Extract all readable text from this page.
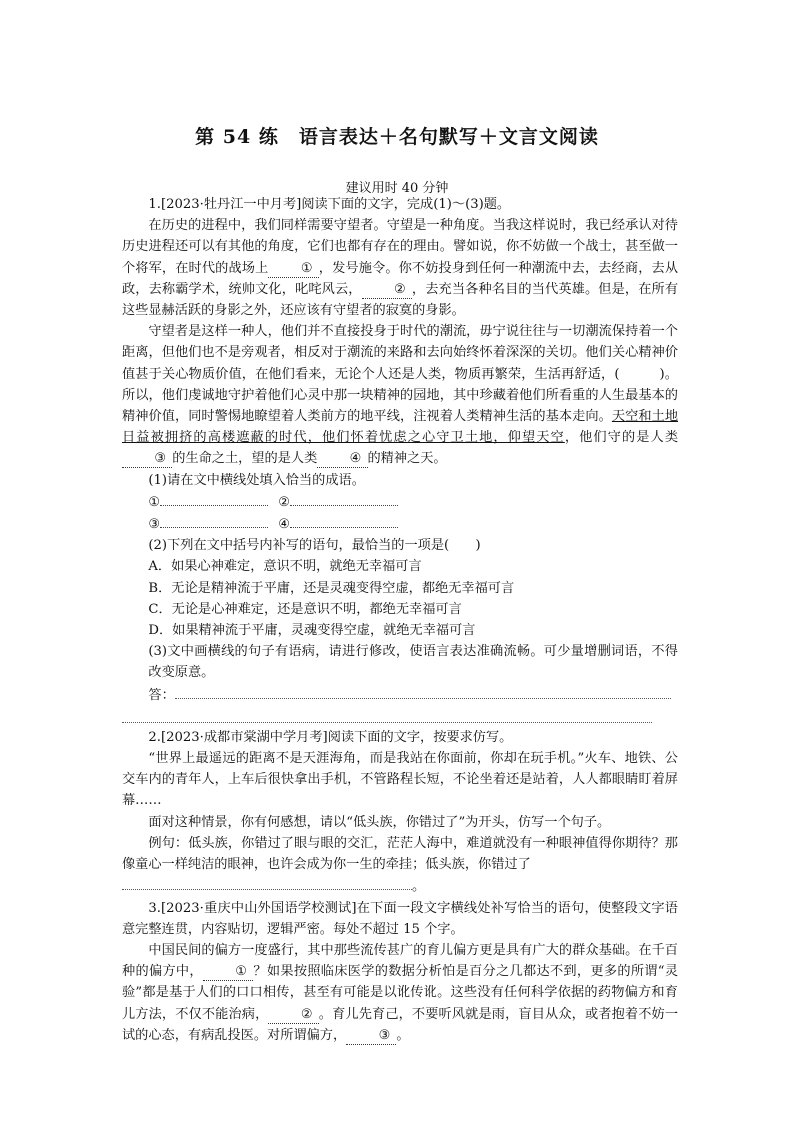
第 54 练　语言表达＋名句默写＋文言文阅读
建议用时 40 分钟

1.[2023·牡丹江一中月考]阅读下面的文字，完成(1)～(3)题。

在历史的进程中，我们同样需要守望者。守望是一种角度。当我这样说时，我已经承认对待历史进程还可以有其他的角度，它们也都有存在的理由。譬如说，你不妨做一个战士，甚至做一个将军，在时代的战场上 ① ，发号施令。你不妨投身到任何一种潮流中去，去经商，去从政，去称霸学术，统帅文化，叱咤风云， ② ，去充当各种名目的当代英雄。但是，在所有这些显赫活跃的身影之外，还应该有守望者的寂寞的身影。

守望者是这样一种人，他们并不直接投身于时代的潮流，毋宁说往往与一切潮流保持着一个距离，但他们也不是旁观者，相反对于潮流的来路和去向始终怀着深深的关切。他们关心精神价值甚于关心物质价值，在他们看来，无论个人还是人类，物质再繁荣，生活再舒适，(　　　)。所以，他们虔诚地守护着他们心灵中那一块精神的园地，其中珍藏着他们所看重的人生最基本的精神价值，同时警惕地瞭望着人类前方的地平线，注视着人类精神生活的基本走向。天空和土地日益被拥挤的高楼遮蔽的时代，他们怀着忧虑之心守卫土地，仰望天空，他们守的是人类③ 的生命之土，望的是人类 ④ 的精神之天。

(1)请在文中横线处填入恰当的成语。

①	②

③	④

(2)下列在文中括号内补写的语句，最恰当的一项是(　　)

A．如果心神难定，意识不明，就绝无幸福可言

B．无论是精神流于平庸，还是灵魂变得空虚，都绝无幸福可言

C．无论是心神难定，还是意识不明，都绝无幸福可言

D．如果精神流于平庸，灵魂变得空虚，就绝无幸福可言

(3)文中画横线的句子有语病，请进行修改，使语言表达准确流畅。可少量增删词语，不得改变原意。

答：

2.[2023·成都市棠湖中学月考]阅读下面的文字，按要求仿写。

“世界上最遥远的距离不是天涯海角，而是我站在你面前，你却在玩手机。”火车、地铁、公交车内的青年人，上车后很快拿出手机，不管路程长短，不论坐着还是站着，人人都眼睛盯着屏幕……

面对这种情景，你有何感想，请以“低头族，你错过了”为开头，仿写一个句子。

例句：低头族，你错过了眼与眼的交汇，茫茫人海中，难道就没有一种眼神值得你期待？那像童心一样纯洁的眼神，也许会成为你一生的牵挂；低头族，你错过了

。

3.[2023·重庆中山外国语学校测试]在下面一段文字横线处补写恰当的语句，使整段文字语意完整连贯，内容贴切，逻辑严密。每处不超过 15 个字。

中国民间的偏方一度盛行，其中那些流传甚广的育儿偏方更是具有广大的群众基础。在千百种的偏方中， ① ？如果按照临床医学的数据分析怕是百分之几都达不到，更多的所谓“灵验”都是基于人们的口口相传，甚至有可能是以讹传讹。这些没有任何科学依据的药物偏方和育儿方法，不仅不能治病， ② 。育儿先育己，不要听风就是雨，盲目从众，或者抱着不妨一试的心态，有病乱投医。对所谓偏方， ③ 。
